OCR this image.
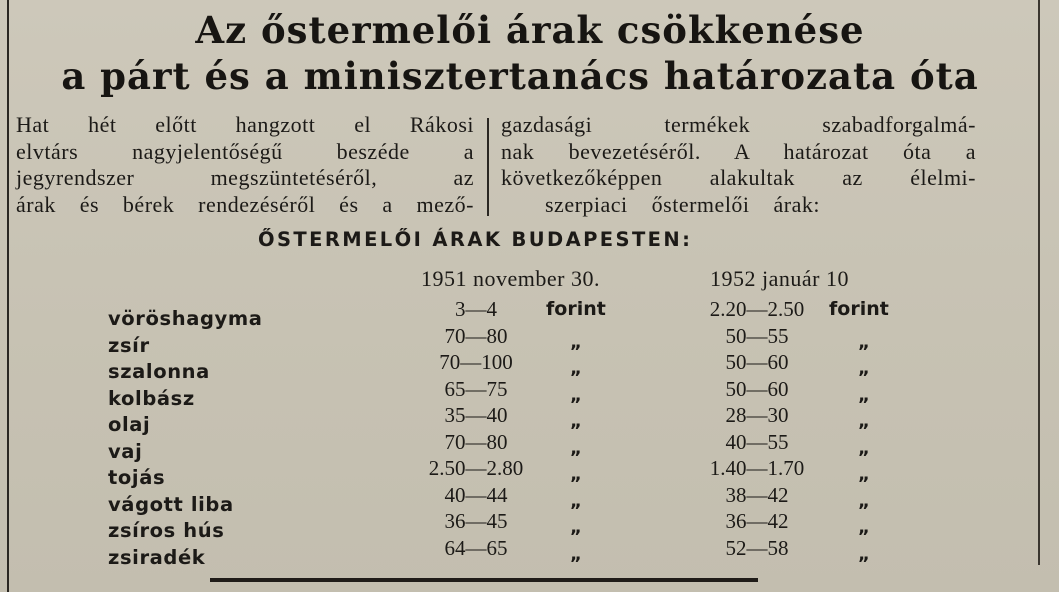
Az őstermelői árak csökkenése
a párt és a minisztertanács határozata óta
Hat hét előtt hangzott el Rákosi
elvtárs nagyjelentőségű beszéde a
jegyrendszer megszüntetéséről, az
árak és bérek rendezéséről és a mező-
gazdasági termékek szabadforgalmá-
nak bevezetéséről. A határozat óta a
következőképpen alakultak az élelmi-
szerpiaci őstermelői árak:
ŐSTERMELŐI ÁRAK BUDAPESTEN:
1951 november 30.	1952 január 10
vöröshagyma	3—4	forint	2.20—2.50	forint
zsír	70—80	„	50—55	„
szalonna	70—100	„	50—60	„
kolbász	65—75	„	50—60	„
olaj	35—40	„	28—30	„
vaj	70—80	„	40—55	„
tojás	2.50—2.80	„	1.40—1.70	„
vágott liba	40—44	„	38—42	„
zsíros hús	36—45	„	36—42	„
zsiradék	64—65	„	52—58	„
